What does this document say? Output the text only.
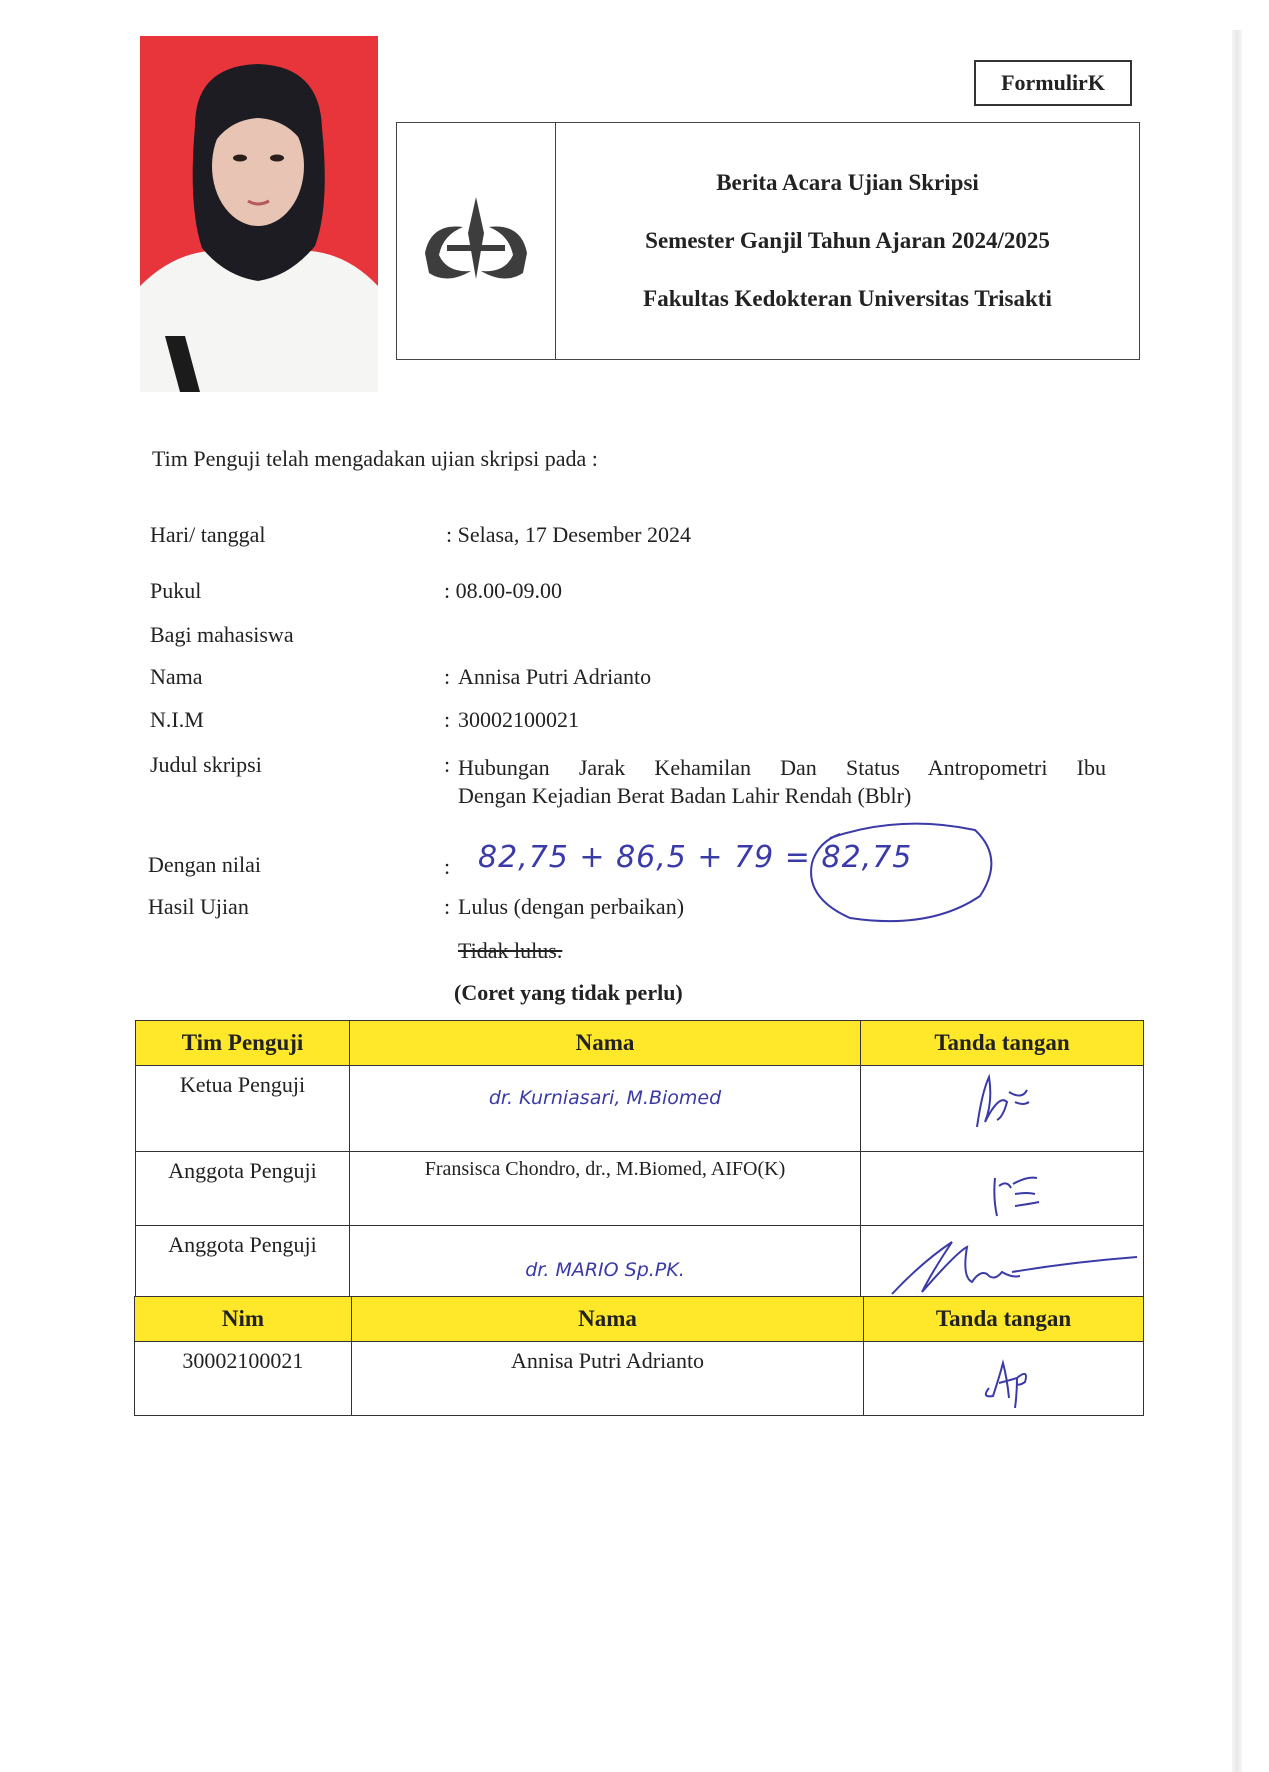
FormulirK
Berita Acara Ujian Skripsi
Semester Ganjil Tahun Ajaran 2024/2025
Fakultas Kedokteran Universitas Trisakti
Tim Penguji telah mengadakan ujian skripsi pada :
Hari/ tanggal	: Selasa, 17 Desember 2024
Pukul	: 08.00-09.00
Bagi mahasiswa
Nama	: Annisa Putri Adrianto
N.I.M	: 30002100021
Judul skripsi	: Hubungan Jarak Kehamilan Dan Status Antropometri Ibu
Dengan Kejadian Berat Badan Lahir Rendah (Bblr)
Dengan nilai	: 82,75 + 86,5 + 79 = 82,75
Hasil Ujian	: Lulus (dengan perbaikan)
Tidak lulus.
(Coret yang tidak perlu)
Tim Penguji	Nama	Tanda tangan
Ketua Penguji	dr. Kurniasari, M.Biomed	
Anggota Penguji	Fransisca Chondro, dr., M.Biomed, AIFO(K)	
Anggota Penguji	dr. MARIO Sp.PK.	
Nim	Nama	Tanda tangan
30002100021	Annisa Putri Adrianto	
